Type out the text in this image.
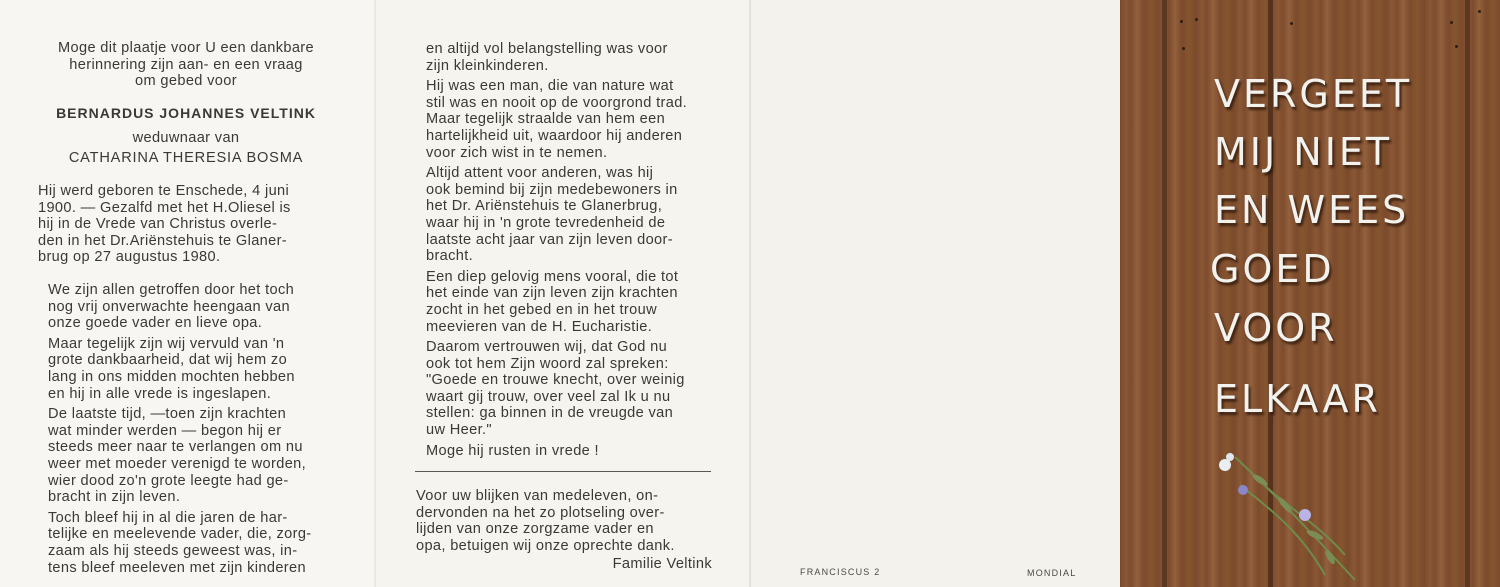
Moge dit plaatje voor U een dankbare
herinnering zijn aan- en een vraag
om gebed voor
BERNARDUS JOHANNES VELTINK
weduwnaar van
CATHARINA THERESIA BOSMA
Hij werd geboren te Enschede, 4 juni
1900. — Gezalfd met het H.Oliesel is
hij in de Vrede van Christus overle-
den in het Dr.Ariënstehuis te Glaner-
brug op 27 augustus 1980.
We zijn allen getroffen door het toch
nog vrij onverwachte heengaan van
onze goede vader en lieve opa.
Maar tegelijk zijn wij vervuld van 'n
grote dankbaarheid, dat wij hem zo
lang in ons midden mochten hebben
en hij in alle vrede is ingeslapen.
De laatste tijd, —toen zijn krachten
wat minder werden — begon hij er
steeds meer naar te verlangen om nu
weer met moeder verenigd te worden,
wier dood zo'n grote leegte had ge-
bracht in zijn leven.
Toch bleef hij in al die jaren de har-
telijke en meelevende vader, die, zorg-
zaam als hij steeds geweest was, in-
tens bleef meeleven met zijn kinderen
en altijd vol belangstelling was voor
zijn kleinkinderen.
Hij was een man, die van nature wat
stil was en nooit op de voorgrond trad.
Maar tegelijk straalde van hem een
hartelijkheid uit, waardoor hij anderen
voor zich wist in te nemen.
Altijd attent voor anderen, was hij
ook bemind bij zijn medebewoners in
het Dr. Ariënstehuis te Glanerbrug,
waar hij in 'n grote tevredenheid de
laatste acht jaar van zijn leven door-
bracht.
Een diep gelovig mens vooral, die tot
het einde van zijn leven zijn krachten
zocht in het gebed en in het trouw
meevieren van de H. Eucharistie.
Daarom vertrouwen wij, dat God nu
ook tot hem Zijn woord zal spreken:
"Goede en trouwe knecht, over weinig
waart gij trouw, over veel zal Ik u nu
stellen: ga binnen in de vreugde van
uw Heer."
Moge hij rusten in vrede !
Voor uw blijken van medeleven, on-
dervonden na het zo plotseling over-
lijden van onze zorgzame vader en
opa, betuigen wij onze oprechte dank.
Familie Veltink	FRANCISCUS 2	MONDIAL
VERGEET
MIJ NIET
EN WEES
GOED
VOOR
ELKAAR
